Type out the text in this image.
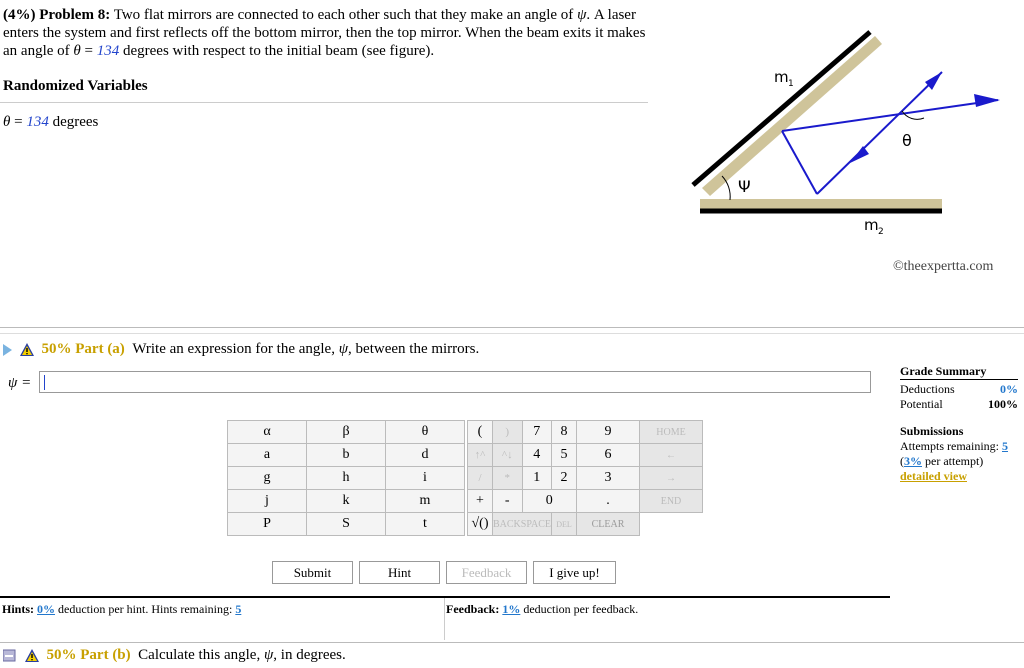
(4%) Problem 8: Two flat mirrors are connected to each other such that they make an angle of ψ. A laser enters the system and first reflects off the bottom mirror, then the top mirror. When the beam exits it makes an angle of θ = 134 degrees with respect to the initial beam (see figure).
Randomized Variables
θ = 134 degrees
Ψ
θ
m 1
m 2
©theexpertta.com
50% Part (a) Write an expression for the angle, ψ, between the mirrors.
ψ =
α	β	θ
a	b	d
g	h	i
j	k	m
P	S	t
(	)	7	8	9	HOME
↑^	^↓	4	5	6	←
/	*	1	2	3	→
+	-	0		.	END
√()	BACKSPACE		DEL	CLEAR	
Submit	Hint	Feedback	I give up!
Hints: 0% deduction per hint. Hints remaining: 5	Feedback: 1% deduction per feedback.
Grade Summary
Deductions	0%
Potential	100%
Submissions
Attempts remaining: 5
(3% per attempt)
detailed view
50% Part (b) Calculate this angle, ψ, in degrees.
